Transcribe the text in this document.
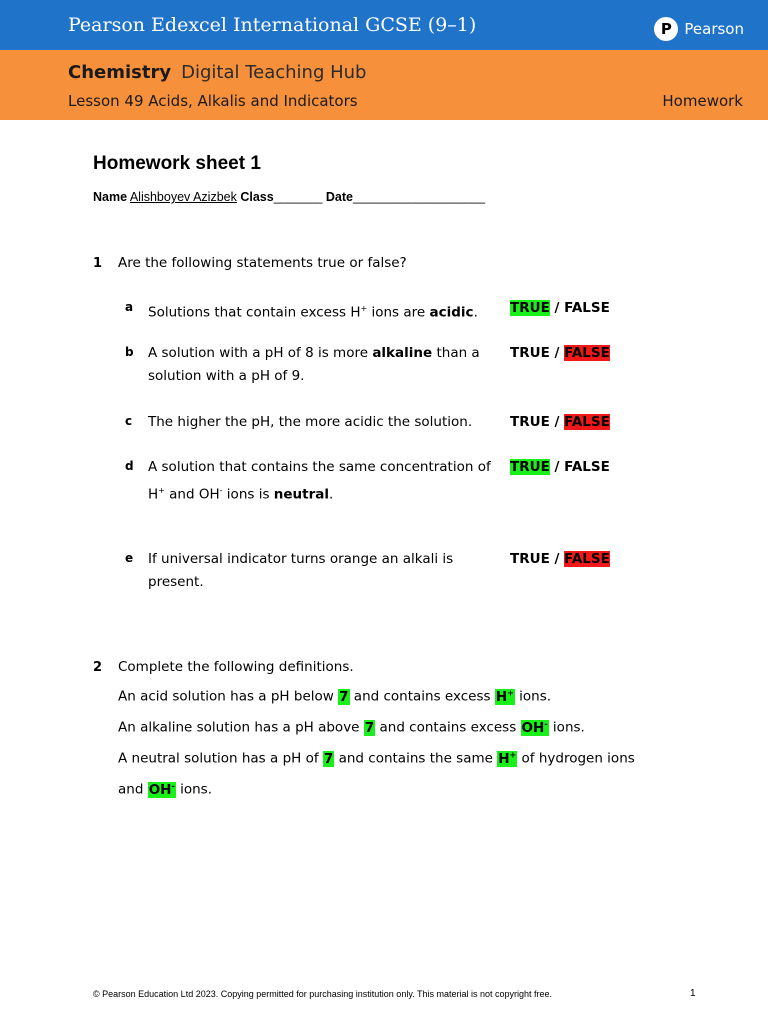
Pearson Edexcel International GCSE (9–1)	P Pearson
Chemistry Digital Teaching Hub
Lesson 49 Acids, Alkalis and Indicators	Homework
Homework sheet 1
Name Alishboyev Azizbek Class_______ Date___________________
1 Are the following statements true or false?
a Solutions that contain excess H+ ions are acidic.	TRUE / FALSE
b A solution with a pH of 8 is more alkaline than a solution with a pH of 9.
TRUE / FALSE
c The higher the pH, the more acidic the solution.	TRUE / FALSE
d A solution that contains the same concentration of
H+ and OH- ions is neutral.
TRUE / FALSE
e If universal indicator turns orange an alkali is present.
TRUE / FALSE
2 Complete the following definitions.
An acid solution has a pH below 7 and contains excess H+ ions.
An alkaline solution has a pH above 7 and contains excess OH- ions.
A neutral solution has a pH of 7 and contains the same H+ of hydrogen ions
and OH- ions.
© Pearson Education Ltd 2023. Copying permitted for purchasing institution only. This material is not copyright free.	1
